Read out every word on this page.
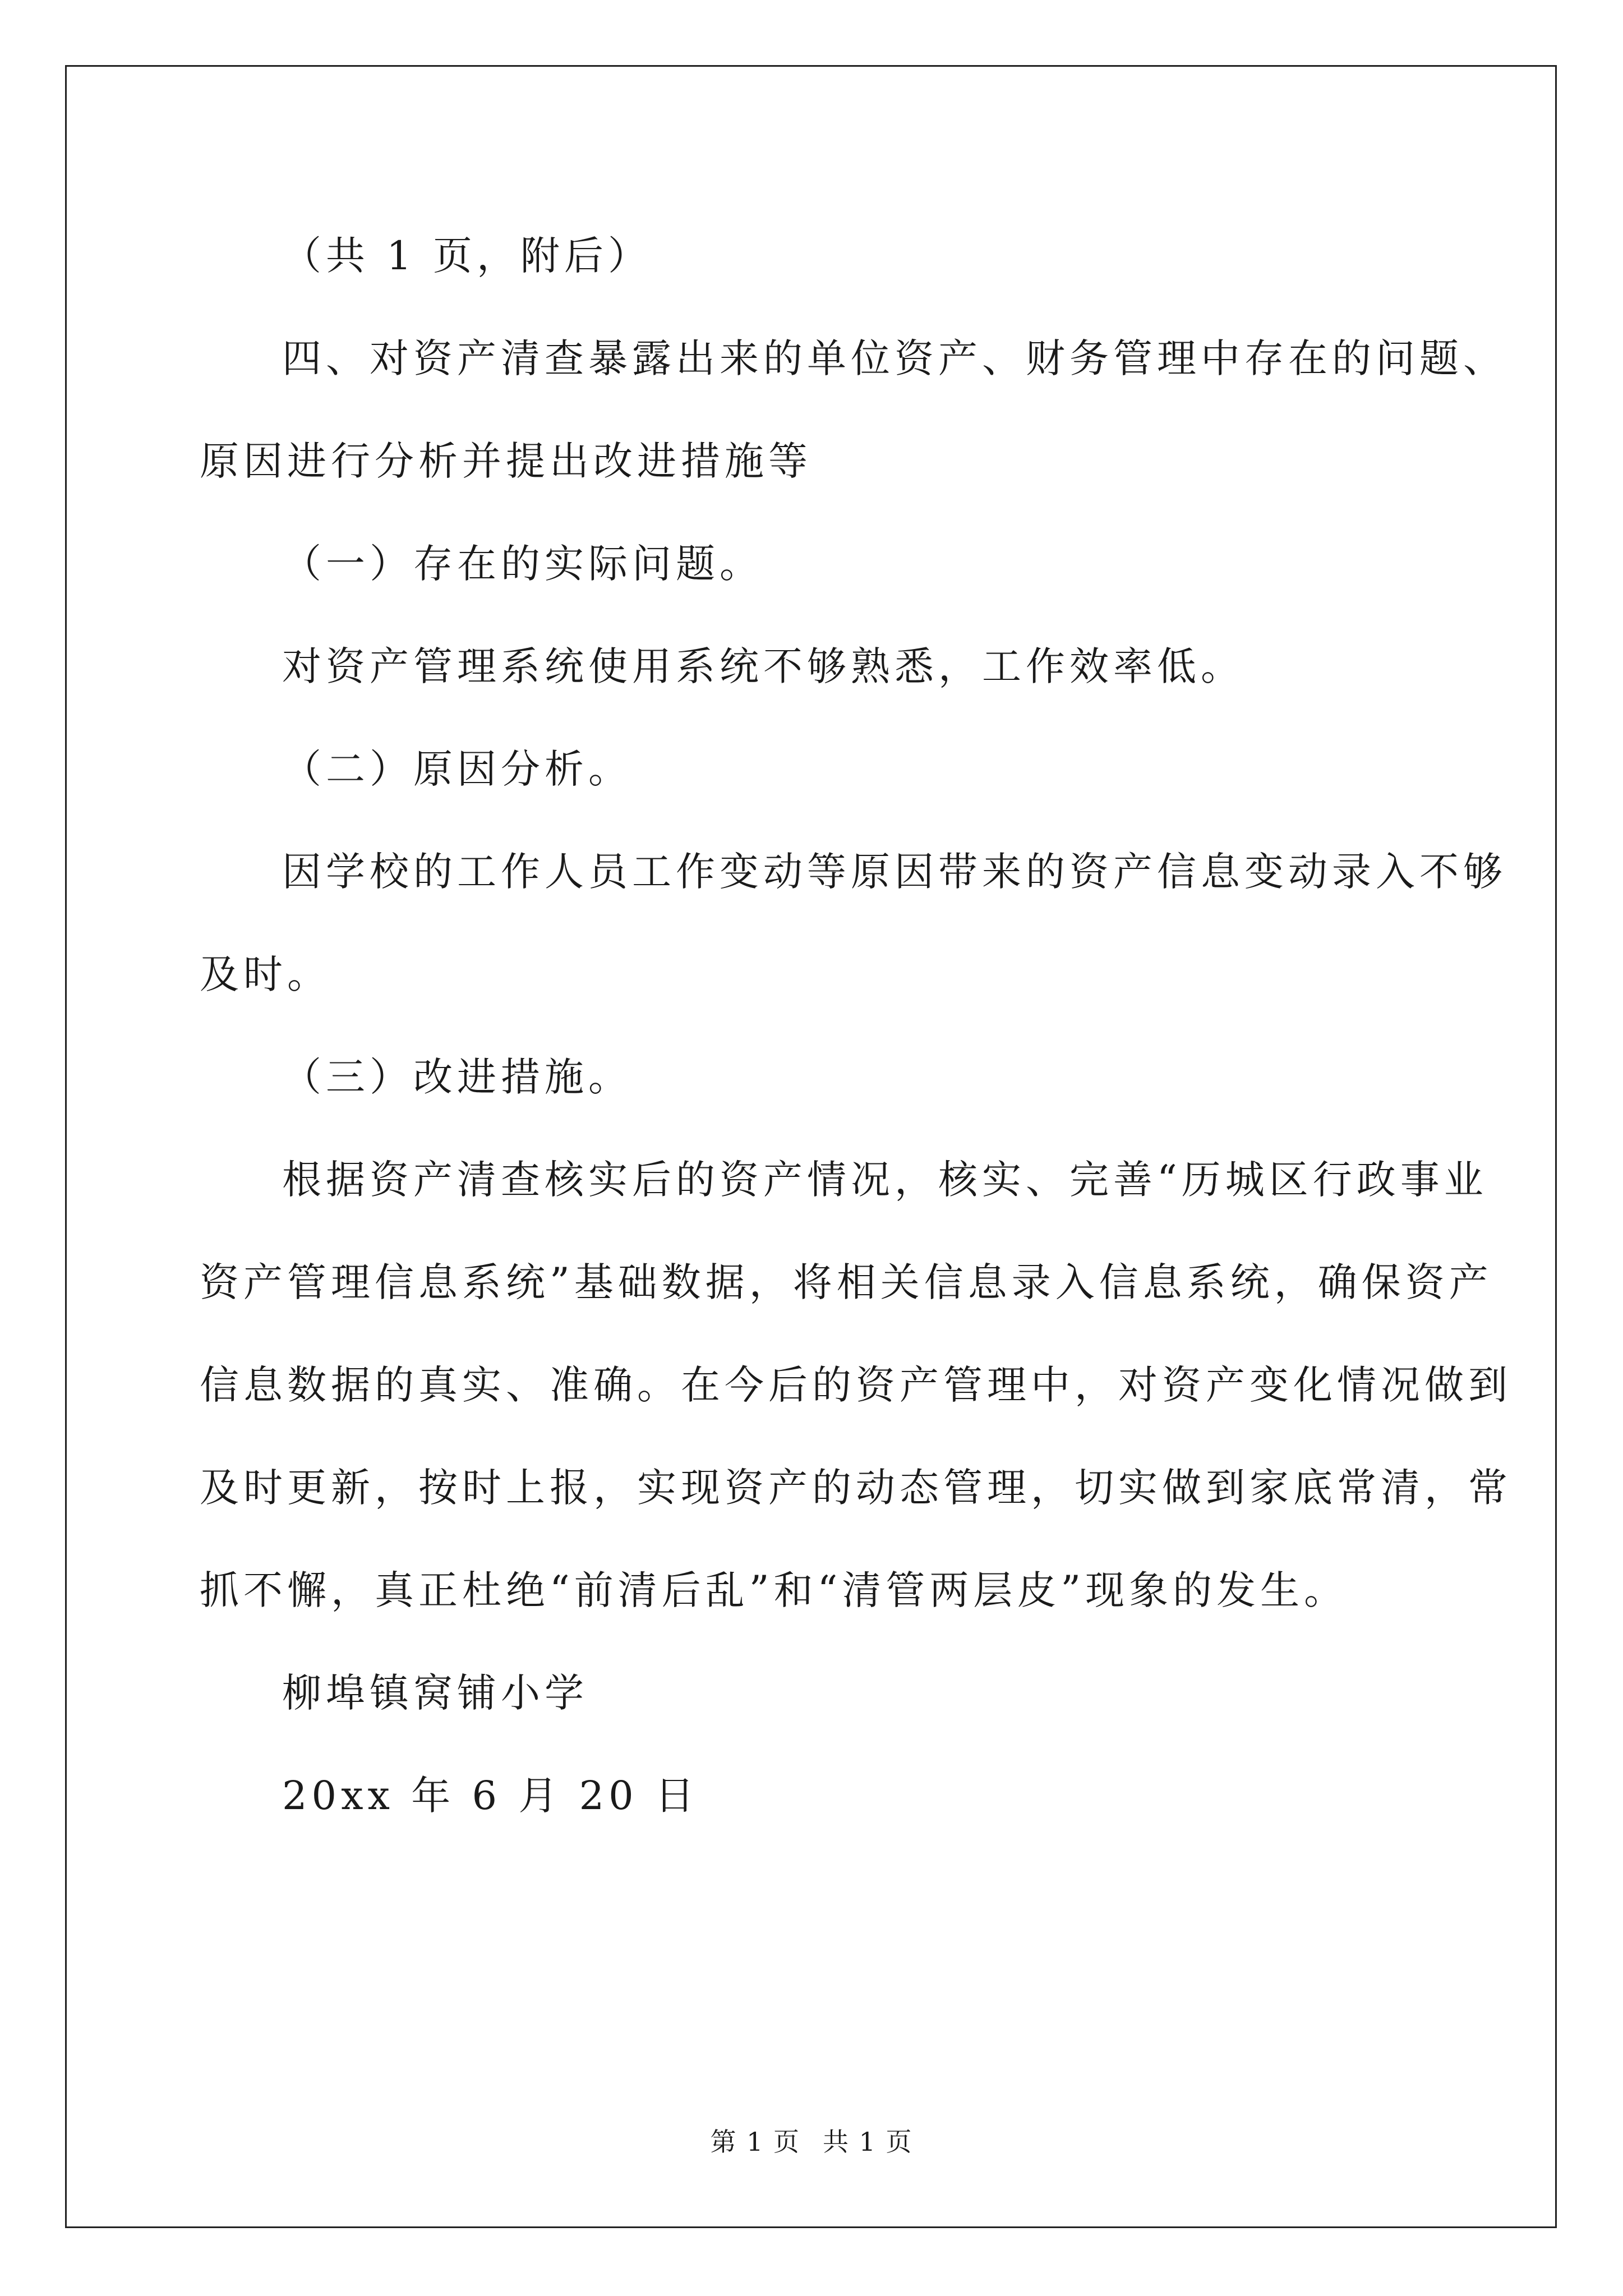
（共 1 页，附后）

四、对资产清查暴露出来的单位资产、财务管理中存在的问题、

原因进行分析并提出改进措施等

（一）存在的实际问题。

对资产管理系统使用系统不够熟悉，工作效率低。

（二）原因分析。

因学校的工作人员工作变动等原因带来的资产信息变动录入不够

及时。

（三）改进措施。

根据资产清查核实后的资产情况，核实、完善“历城区行政事业

资产管理信息系统”基础数据，将相关信息录入信息系统，确保资产

信息数据的真实、准确。在今后的资产管理中，对资产变化情况做到

及时更新，按时上报，实现资产的动态管理，切实做到家底常清，常

抓不懈，真正杜绝“前清后乱”和“清管两层皮”现象的发生。

柳埠镇窝铺小学

20xx 年 6 月 20 日

第 1 页 共 1 页
